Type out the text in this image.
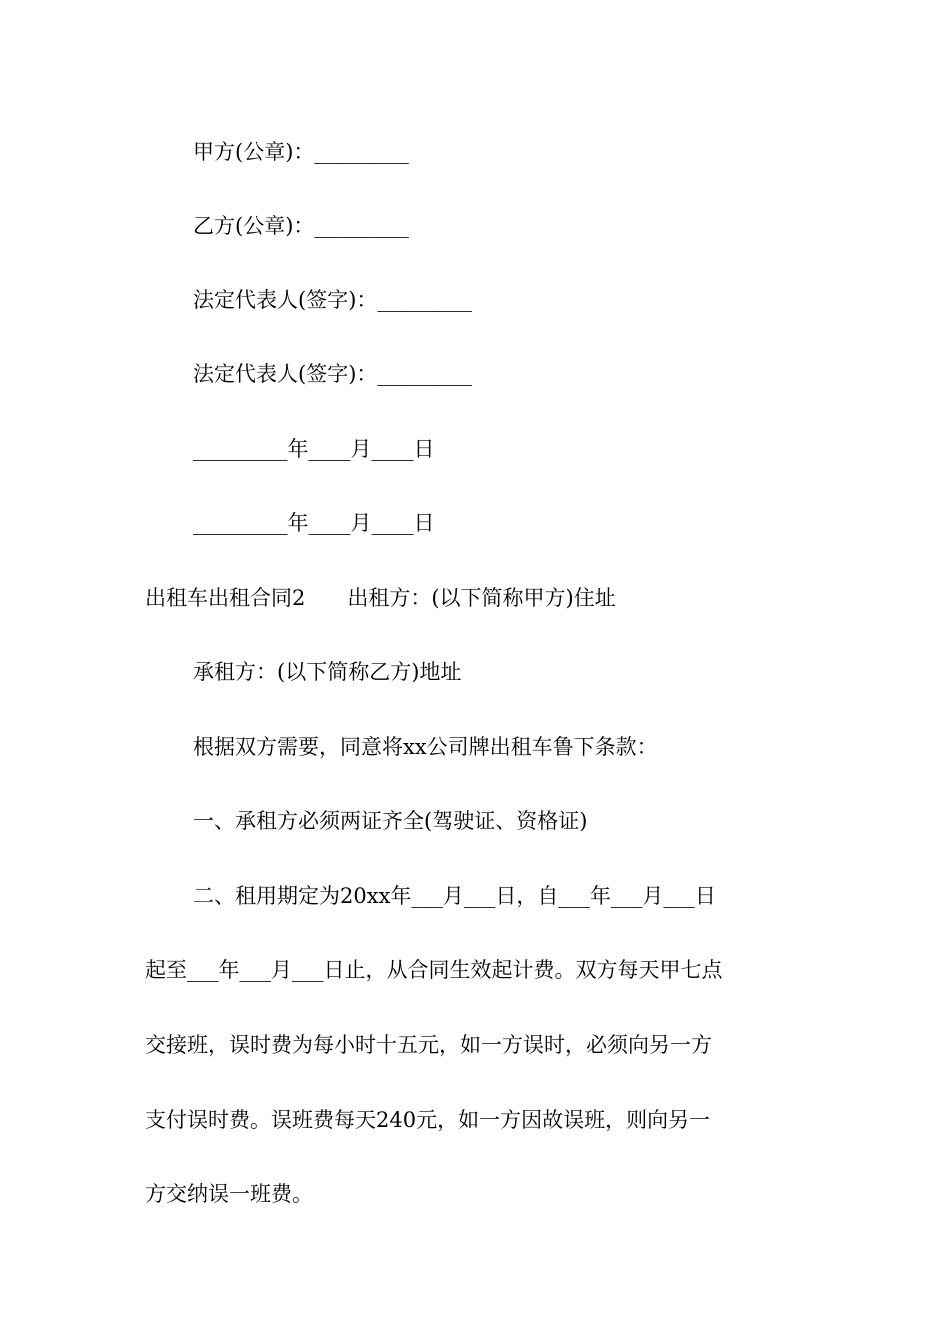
甲方(公章)：_________
乙方(公章)：_________
法定代表人(签字)：_________
法定代表人(签字)：_________
_________年____月____日
_________年____月____日
出租车出租合同2　　出租方：(以下简称甲方)住址
承租方：(以下简称乙方)地址
根据双方需要，同意将xx公司牌出租车鲁下条款：
一、承租方必须两证齐全(驾驶证、资格证)
二、租用期定为20xx年___月___日，自___年___月___日
起至___年___月___日止，从合同生效起计费。双方每天甲七点
交接班，误时费为每小时十五元，如一方误时，必须向另一方
支付误时费。误班费每天240元，如一方因故误班，则向另一
方交纳误一班费。
